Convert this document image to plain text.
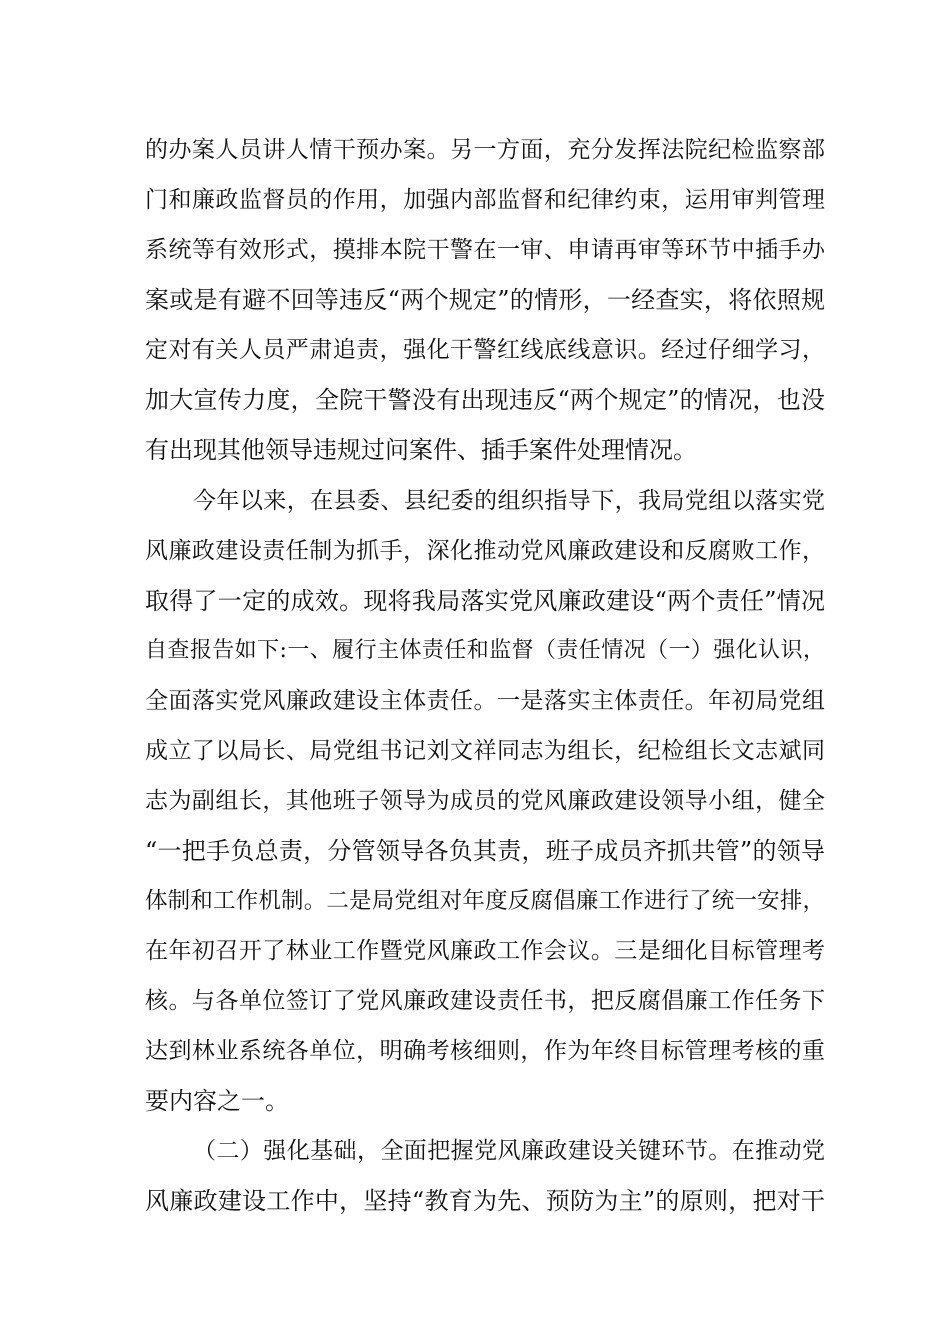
的办案人员讲人情干预办案。另一方面，充分发挥法院纪检监察部
门和廉政监督员的作用，加强内部监督和纪律约束，运用审判管理
系统等有效形式，摸排本院干警在一审、申请再审等环节中插手办
案或是有避不回等违反“两个规定”的情形，一经查实，将依照规
定对有关人员严肃追责，强化干警红线底线意识。经过仔细学习，
加大宣传力度，全院干警没有出现违反“两个规定”的情况，也没
有出现其他领导违规过问案件、插手案件处理情况。
今年以来，在县委、县纪委的组织指导下，我局党组以落实党
风廉政建设责任制为抓手，深化推动党风廉政建设和反腐败工作，
取得了一定的成效。现将我局落实党风廉政建设“两个责任”情况
自查报告如下:一、履行主体责任和监督（责任情况（一）强化认识，
全面落实党风廉政建设主体责任。一是落实主体责任。年初局党组
成立了以局长、局党组书记刘文祥同志为组长，纪检组长文志斌同
志为副组长，其他班子领导为成员的党风廉政建设领导小组，健全
“一把手负总责，分管领导各负其责，班子成员齐抓共管”的领导
体制和工作机制。二是局党组对年度反腐倡廉工作进行了统一安排，
在年初召开了林业工作暨党风廉政工作会议。三是细化目标管理考
核。与各单位签订了党风廉政建设责任书，把反腐倡廉工作任务下
达到林业系统各单位，明确考核细则，作为年终目标管理考核的重
要内容之一。
（二）强化基础，全面把握党风廉政建设关键环节。在推动党
风廉政建设工作中，坚持“教育为先、预防为主”的原则，把对干
